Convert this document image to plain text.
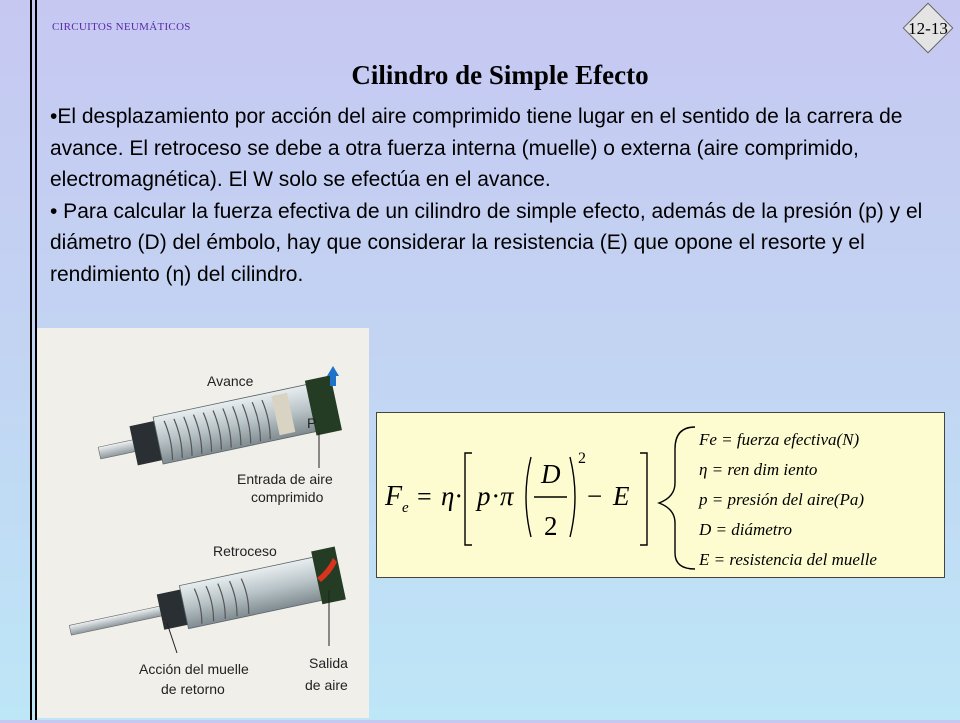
CIRCUITOS NEUMÁTICOS	12-13
Cilindro de Simple Efecto

•El desplazamiento por acción del aire comprimido tiene lugar en el sentido de la carrera de avance. El retroceso se debe a otra fuerza interna (muelle) o externa (aire comprimido, electromagnética). El W solo se efectúa en el avance.

• Para calcular la fuerza efectiva de un cilindro de simple efecto, además de la presión (p) y el diámetro (D) del émbolo, hay que considerar la resistencia (E) que opone el resorte y el rendimiento (η) del cilindro.

Avance
P
Entrada de aire
comprimido
Retroceso
Acción del muelle
de retorno
Salida
de aire
F e = η · p · π
D
2
2
− E
Fe = fuerza efectiva(N)
η = ren dim iento
p = presión del aire(Pa)
D = diámetro
E = resistencia del muelle
